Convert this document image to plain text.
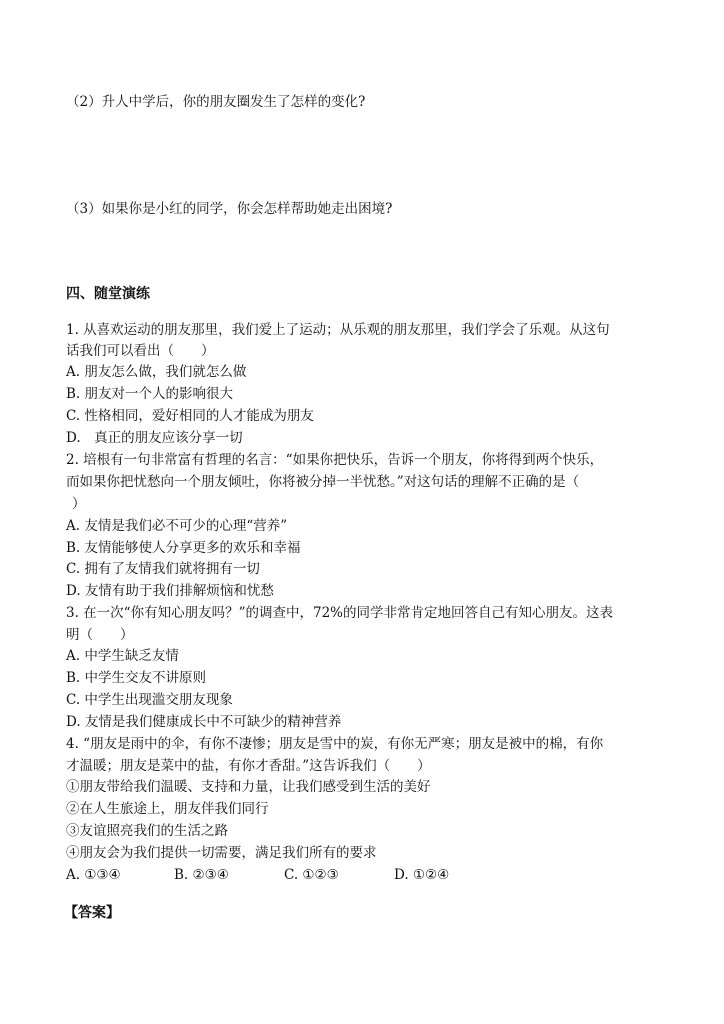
（2）升人中学后，你的朋友圈发生了怎样的变化?
（3）如果你是小红的同学，你会怎样帮助她走出困境?
四、随堂演练
1. 从喜欢运动的朋友那里，我们爱上了运动；从乐观的朋友那里，我们学会了乐观。从这句
话我们可以看出（　　）
A. 朋友怎么做，我们就怎么做
B. 朋友对一个人的影响很大
C. 性格相同，爱好相同的人才能成为朋友
D.　真正的朋友应该分享一切
2. 培根有一句非常富有哲理的名言：“如果你把快乐，告诉一个朋友，你将得到两个快乐，
而如果你把忧愁向一个朋友倾吐，你将被分掉一半忧愁。”对这句话的理解不正确的是（
）
A. 友情是我们必不可少的心理“营养”
B. 友情能够使人分享更多的欢乐和幸福
C. 拥有了友情我们就将拥有一切
D. 友情有助于我们排解烦恼和忧愁
3. 在一次“你有知心朋友吗？”的调查中，72%的同学非常肯定地回答自己有知心朋友。这表
明（　　）
A. 中学生缺乏友情
B. 中学生交友不讲原则
C. 中学生出现滥交朋友现象
D. 友情是我们健康成长中不可缺少的精神营养
4. “朋友是雨中的伞，有你不凄惨；朋友是雪中的炭，有你无严寒；朋友是被中的棉，有你
才温暖；朋友是菜中的盐，有你才香甜。”这告诉我们（　　）
①朋友带给我们温暖、支持和力量，让我们感受到生活的美好
②在人生旅途上，朋友伴我们同行
③友谊照亮我们的生活之路
④朋友会为我们提供一切需要，满足我们所有的要求
A. ①③④	B. ②③④	C. ①②③	D. ①②④
【答案】
